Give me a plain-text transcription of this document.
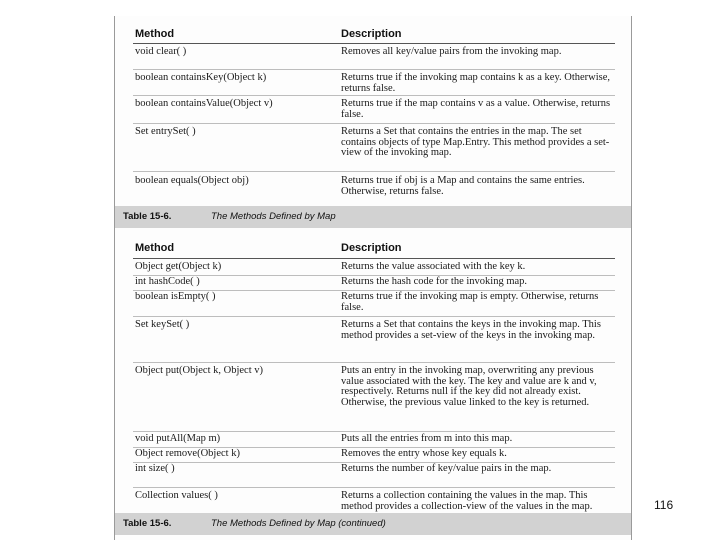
Method	Description
void clear( )	Removes all key/value pairs from the invoking map.
boolean containsKey(Object k)	Returns true if the invoking map contains k as a key. Otherwise, returns false.
boolean containsValue(Object v)	Returns true if the map contains v as a value. Otherwise, returns false.
Set entrySet( )	Returns a Set that contains the entries in the map. The set contains objects of type Map.Entry. This method provides a set-view of the invoking map.
boolean equals(Object obj)	Returns true if obj is a Map and contains the same entries. Otherwise, returns false.
Table 15-6.	The Methods Defined by Map
Method	Description
Object get(Object k)	Returns the value associated with the key k.
int hashCode( )	Returns the hash code for the invoking map.
boolean isEmpty( )	Returns true if the invoking map is empty. Otherwise, returns false.
Set keySet( )	Returns a Set that contains the keys in the invoking map. This method provides a set-view of the keys in the invoking map.
Object put(Object k, Object v)	Puts an entry in the invoking map, overwriting any previous value associated with the key. The key and value are k and v, respectively. Returns null if the key did not already exist. Otherwise, the previous value linked to the key is returned.
void putAll(Map m)	Puts all the entries from m into this map.
Object remove(Object k)	Removes the entry whose key equals k.
int size( )	Returns the number of key/value pairs in the map.
Collection values( )	Returns a collection containing the values in the map. This method provides a collection-view of the values in the map.
Table 15-6.	The Methods Defined by Map (continued)
116
